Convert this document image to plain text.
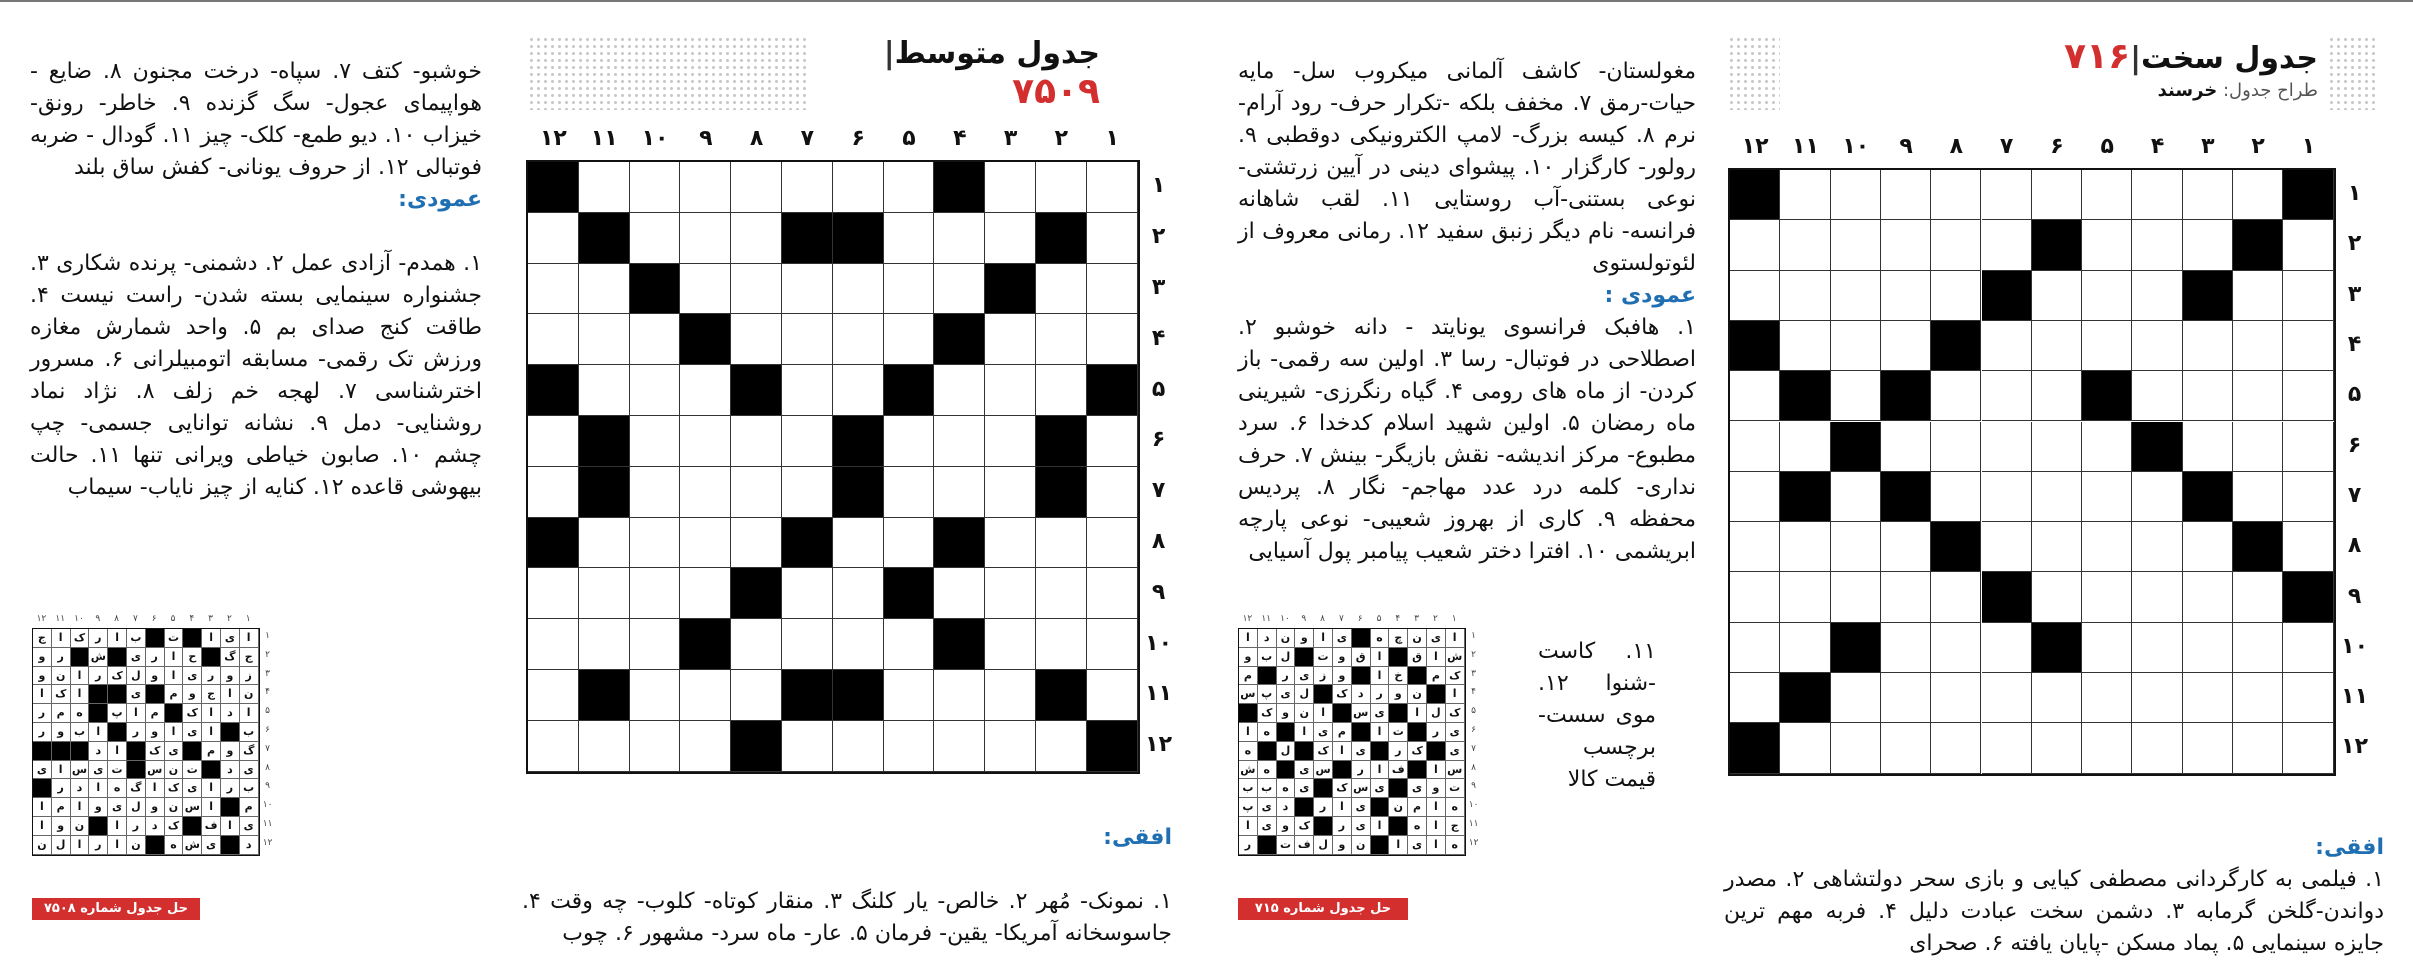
جدول سخت|۷۱۶
طراح جدول: خرسند
۱
۲
۳
۴
۵
۶
۷
۸
۹
۱۰
۱۱
۱۲
۱
۲
۳
۴
۵
۶
۷
۸
۹
۱۰
۱۱
۱۲

افقی:
۱. فیلمی به کارگردانی مصطفی کیایی و بازی سحر دولتشاهی ۲. مصدر دواندن-گلخن گرمابه ۳. دشمن سخت عبادت دلیل ۴. فربه مهم ترین جایزه سینمایی ۵. پماد مسکن -پایان یافته ۶. صحرای

مغولستان- کاشف آلمانی میکروب سل- مایه حیات-رمق ۷. مخفف بلکه -تکرار حرف- رود آرام- نرم ۸. کیسه بزرگ- لامپ الکترونیکی دوقطبی ۹. رولور- کارگزار ۱۰. پیشوای دینی در آیین زرتشتی- نوعی بستنی-آب روستایی ۱۱. لقب شاهانه فرانسه- نام دیگر زنبق سفید ۱۲. رمانی معروف از لئوتولستوی
عمودی :
۱. هافبک فرانسوی یونایتد - دانه خوشبو ۲. اصطلاحی در فوتبال- رسا ۳. اولین سه رقمی- باز کردن- از ماه های رومی ۴. گیاه رنگرزی- شیرینی ماه رمضان ۵. اولین شهید اسلام کدخدا ۶. سرد مطبوع- مرکز اندیشه- نقش بازیگر- بینش ۷. حرف نداری- کلمه درد عدد مهاجم- نگار ۸. پردیس محفظه ۹. کاری از بهروز شعیبی- نوعی پارچه ابریشمی ۱۰. افترا دختر شعیب پیامبر پول آسیایی

۱۱. کاست -شنوا ۱۲. موی سست- برچسب قیمت کالا

ا
ی
ن
چ
ه
ی
ا
و
ن
د
ا
ش
ا
ق
ا
ق
و
ت
ل
ب
و
ک
م
خ
ا
و
ز
ی
ر
م
ا
ن
و
ر
د
ک
ل
ی
پ
س
ک
ل
ا
ی
س
ا
ن
و
ک
ی
ر
ت
ا
م
ی
ا
ه
ا
ی
ک
ر
ی
ا
ک
ل
ه
س
ا
ف
ا
ر
س
ی
ه
ش
ت
و
ی
ی
س
ک
ی
ه
ب
ب
ه
ا
م
ن
ی
ا
ر
د
ی
پ
ج
ا
ه
ا
ی
ر
ک
و
ی
ا
ه
ا
ی
ا
ن
و
ل
ف
ت
ر
۱
۲
۳
۴
۵
۶
۷
۸
۹
۱۰
۱۱
۱۲
۱
۲
۳
۴
۵
۶
۷
۸
۹
۱۰
۱۱
۱۲
حل جدول شماره ۷۱۵
جدول متوسط|۷۵۰۹
۱
۲
۳
۴
۵
۶
۷
۸
۹
۱۰
۱۱
۱۲
۱
۲
۳
۴
۵
۶
۷
۸
۹
۱۰
۱۱
۱۲

افقی:

۱. نمونک- مُهر ۲. خالص- یار کلنگ ۳. منقار کوتاه- کلوب- چه وقت ۴. جاسوسخانه آمریکا- یقین- فرمان ۵. عار- ماه سرد- مشهور ۶. چوب

خوشبو- کتف ۷. سپاه- درخت مجنون ۸. ضایع - هواپیمای عجول- سگ گزنده ۹. خاطر- رونق- خیزاب ۱۰. دیو طمع- کلک- چیز ۱۱. گودال - ضربه فوتبالی ۱۲. از حروف یونانی- کفش ساق بلند

عمودی:

۱. همدم- آزادی عمل ۲. دشمنی- پرنده شکاری ۳. جشنواره سینمایی بسته شدن- راست نیست ۴. طاقت کنج صدای بم ۵. واحد شمارش مغازه ورزش تک رقمی- مسابقه اتومبیلرانی ۶. مسرور اخترشناسی ۷. لهجه خم زلف ۸. نژاد نماد روشنایی- دمل ۹. نشانه توانایی جسمی- چپ چشم ۱۰. صابون خیاطی ویرانی تنها ۱۱. حالت بیهوشی قاعده ۱۲. کنایه از چیز نایاب- سیماب

ا
ی
ا
ت
ب
ا
ر
ک
ا
ج
ج
گ
ح
ا
ر
ی
ش
ر
و
ز
و
ر
ی
ا
و
ل
ک
ر
ا
ن
و
ن
ا
ج
و
م
ی
ا
ک
ا
ا
د
ا
ک
م
ا
پ
ه
م
ر
ب
ا
ی
ا
و
ر
ا
ب
و
ر
گ
و
م
ی
ک
ا
د
ی
د
ت
ن
س
ت
ی
س
ا
ی
ب
ر
ا
ی
ک
ا
گ
ه
ا
د
ر
م
ا
س
ن
و
ل
ی
و
ا
م
ا
ی
ا
ف
ک
د
ر
ا
ن
و
ا
د
ی
ش
ه
ن
ا
ر
ا
ل
ن
۱
۲
۳
۴
۵
۶
۷
۸
۹
۱۰
۱۱
۱۲
۱
۲
۳
۴
۵
۶
۷
۸
۹
۱۰
۱۱
۱۲
حل جدول شماره ۷۵۰۸
